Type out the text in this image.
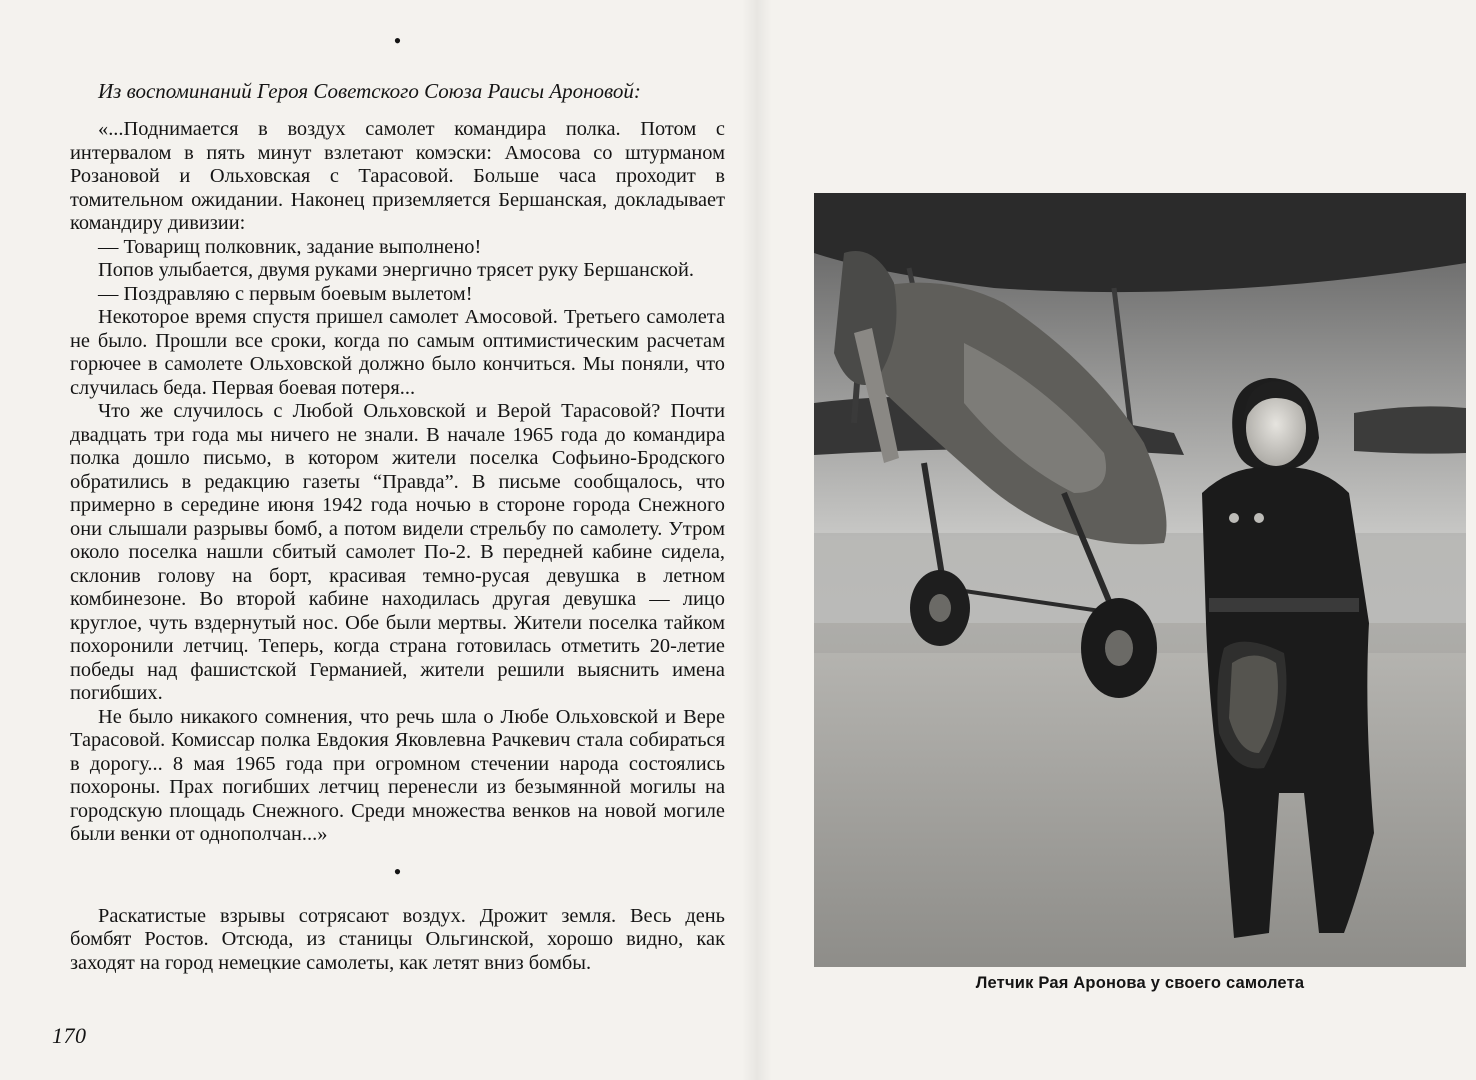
•
Из воспоминаний Героя Советского Союза Раисы Ароновой:

«...Поднимается в воздух самолет командира полка. Потом с интервалом в пять минут взлетают комэски: Амосова со штурманом Розановой и Ольховская с Тарасовой. Больше часа проходит в томительном ожидании. Наконец приземляется Бершанская, докладывает командиру дивизии:

— Товарищ полковник, задание выполнено!

Попов улыбается, двумя руками энергично трясет руку Бершанской.

— Поздравляю с первым боевым вылетом!

Некоторое время спустя пришел самолет Амосовой. Третьего самолета не было. Прошли все сроки, когда по самым оптимистическим расчетам горючее в самолете Ольховской должно было кончиться. Мы поняли, что случилась беда. Первая боевая потеря...

Что же случилось с Любой Ольховской и Верой Тарасовой? Почти двадцать три года мы ничего не знали. В начале 1965 года до командира полка дошло письмо, в котором жители поселка Софьино-Бродского обратились в редакцию газеты “Правда”. В письме сообщалось, что примерно в середине июня 1942 года ночью в стороне города Снежного они слышали разрывы бомб, а потом видели стрельбу по самолету. Утром около поселка нашли сбитый самолет По-2. В передней кабине сидела, склонив голову на борт, красивая темно-русая девушка в летном комбинезоне. Во второй кабине находилась другая девушка — лицо круглое, чуть вздернутый нос. Обе были мертвы. Жители поселка тайком похоронили летчиц. Теперь, когда страна готовилась отметить 20-летие победы над фашистской Германией, жители решили выяснить имена погибших.

Не было никакого сомнения, что речь шла о Любе Ольховской и Вере Тарасовой. Комиссар полка Евдокия Яковлевна Рачкевич стала собираться в дорогу... 8 мая 1965 года при огромном стечении народа состоялись похороны. Прах погибших летчиц перенесли из безымянной могилы на городскую площадь Снежного. Среди множества венков на новой могиле были венки от однополчан...»

•

Раскатистые взрывы сотрясают воздух. Дрожит земля. Весь день бомбят Ростов. Отсюда, из станицы Ольгинской, хорошо видно, как заходят на город немецкие самолеты, как летят вниз бомбы.

170
Летчик Рая Аронова у своего самолета
